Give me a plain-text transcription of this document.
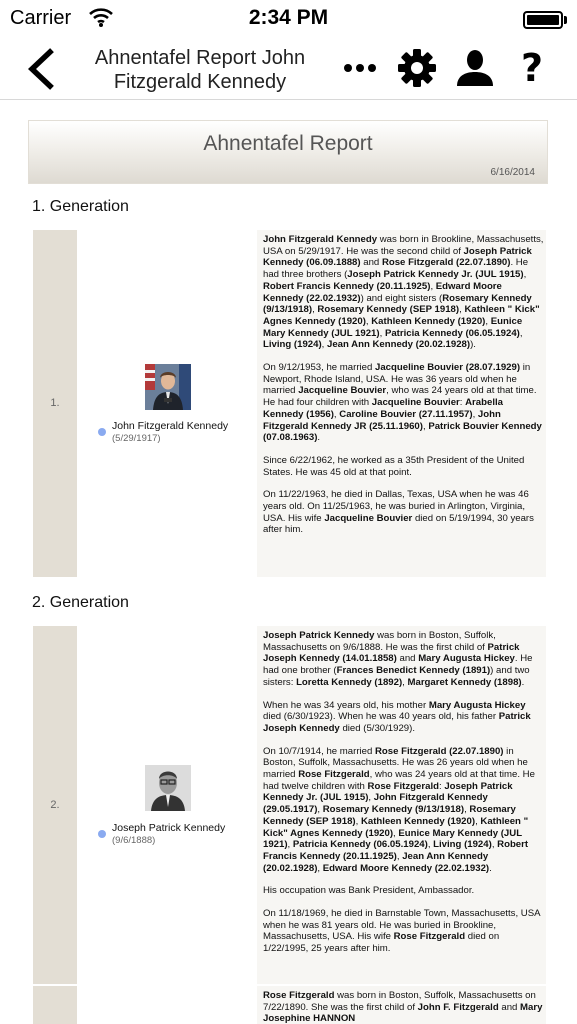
Carrier	2:34 PM
Ahnentafel Report John Fitzgerald Kennedy	?
Ahnentafel Report
6/16/2014
1. Generation
1.
John Fitzgerald Kennedy
(5/29/1917)

John Fitzgerald Kennedy was born in Brookline, Massachusetts, USA on 5/29/1917. He was the second child of Joseph Patrick Kennedy (06.09.1888) and Rose Fitzgerald (22.07.1890). He had three brothers (Joseph Patrick Kennedy Jr. (JUL 1915), Robert Francis Kennedy (20.11.1925), Edward Moore Kennedy (22.02.1932)) and eight sisters (Rosemary Kennedy (9/13/1918), Rosemary Kennedy (SEP 1918), Kathleen " Kick" Agnes Kennedy (1920), Kathleen Kennedy (1920), Eunice Mary Kennedy (JUL 1921), Patricia Kennedy (06.05.1924), Living (1924), Jean Ann Kennedy (20.02.1928)).

On 9/12/1953, he married Jacqueline Bouvier (28.07.1929) in Newport, Rhode Island, USA. He was 36 years old when he married Jacqueline Bouvier, who was 24 years old at that time. He had four children with Jacqueline Bouvier: Arabella Kennedy (1956), Caroline Bouvier (27.11.1957), John Fitzgerald Kennedy JR (25.11.1960), Patrick Bouvier Kennedy (07.08.1963).

Since 6/22/1962, he worked as a 35th President of the United States. He was 45 old at that point.

On 11/22/1963, he died in Dallas, Texas, USA when he was 46 years old. On 11/25/1963, he was buried in Arlington, Virginia, USA. His wife Jacqueline Bouvier died on 5/19/1994, 30 years after him.

2. Generation
2.
Joseph Patrick Kennedy
(9/6/1888)

Joseph Patrick Kennedy was born in Boston, Suffolk, Massachusetts on 9/6/1888. He was the first child of Patrick Joseph Kennedy (14.01.1858) and Mary Augusta Hickey. He had one brother (Frances Benedict Kennedy (1891)) and two sisters: Loretta Kennedy (1892), Margaret Kennedy (1898).

When he was 34 years old, his mother Mary Augusta Hickey died (6/30/1923). When he was 40 years old, his father Patrick Joseph Kennedy died (5/30/1929).

On 10/7/1914, he married Rose Fitzgerald (22.07.1890) in Boston, Suffolk, Massachusetts. He was 26 years old when he married Rose Fitzgerald, who was 24 years old at that time. He had twelve children with Rose Fitzgerald: Joseph Patrick Kennedy Jr. (JUL 1915), John Fitzgerald Kennedy (29.05.1917), Rosemary Kennedy (9/13/1918), Rosemary Kennedy (SEP 1918), Kathleen Kennedy (1920), Kathleen " Kick" Agnes Kennedy (1920), Eunice Mary Kennedy (JUL 1921), Patricia Kennedy (06.05.1924), Living (1924), Robert Francis Kennedy (20.11.1925), Jean Ann Kennedy (20.02.1928), Edward Moore Kennedy (22.02.1932).

His occupation was Bank President, Ambassador.

On 11/18/1969, he died in Barnstable Town, Massachusetts, USA when he was 81 years old. He was buried in Brookline, Massachusetts, USA. His wife Rose Fitzgerald died on 1/22/1995, 25 years after him.

Rose Fitzgerald was born in Boston, Suffolk, Massachusetts on 7/22/1890. She was the first child of John F. Fitzgerald and Mary Josephine HANNON
